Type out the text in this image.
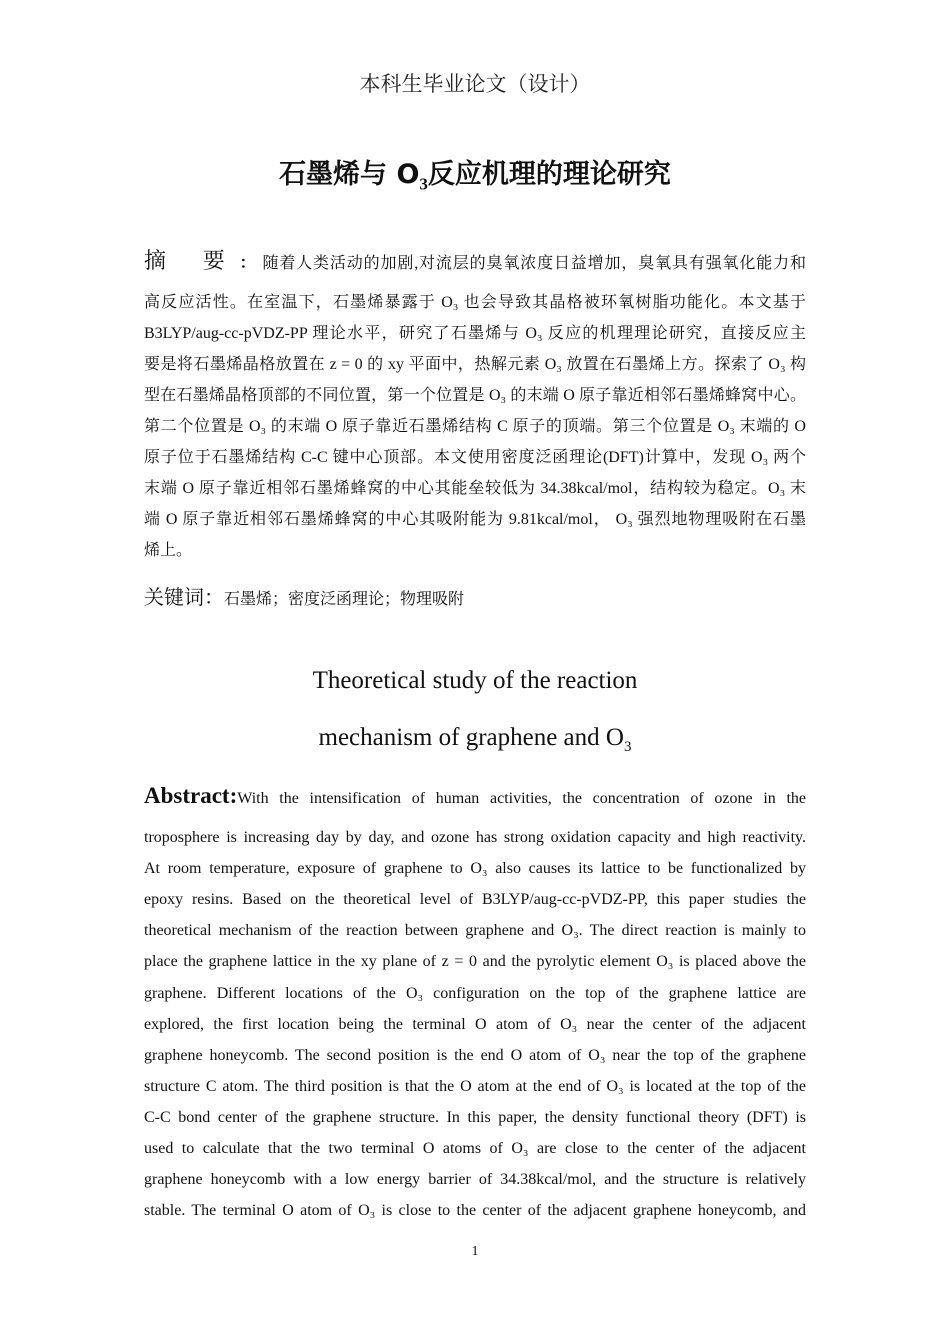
本科生毕业论文（设计）
石墨烯与 $O_3$反应机理的理论研究
摘 要： 随着人类活动的加剧,对流层的臭氧浓度日益增加，臭氧具有强氧化能力和
高反应活性。在室温下，石墨烯暴露于 O₃ 也会导致其晶格被环氧树脂功能化。本文基于
B3LYP/aug-cc-pVDZ-PP 理论水平，研究了石墨烯与 O₃ 反应的机理理论研究，直接反应主
要是将石墨烯晶格放置在 z = 0 的 xy 平面中，热解元素 O₃ 放置在石墨烯上方。探索了 O₃ 构
型在石墨烯晶格顶部的不同位置，第一个位置是 O₃ 的末端 O 原子靠近相邻石墨烯蜂窝中心。
第二个位置是 O₃ 的末端 O 原子靠近石墨烯结构 C 原子的顶端。第三个位置是 O₃ 末端的 O
原子位于石墨烯结构 C-C 键中心顶部。本文使用密度泛函理论(DFT)计算中，发现 O₃ 两个
末端 O 原子靠近相邻石墨烯蜂窝的中心其能垒较低为 34.38kcal/mol，结构较为稳定。O₃ 末
端 O 原子靠近相邻石墨烯蜂窝的中心其吸附能为 9.81kcal/mol， O₃ 强烈地物理吸附在石墨
烯上。
关键词：石墨烯；密度泛函理论；物理吸附
Theoretical study of the reaction
mechanism of graphene and $O_3$
Abstract:With the intensification of human activities, the concentration of ozone in the
troposphere is increasing day by day, and ozone has strong oxidation capacity and high reactivity.
At room temperature, exposure of graphene to O₃ also causes its lattice to be functionalized by
epoxy resins. Based on the theoretical level of B3LYP/aug-cc-pVDZ-PP, this paper studies the
theoretical mechanism of the reaction between graphene and O₃. The direct reaction is mainly to
place the graphene lattice in the xy plane of z = 0 and the pyrolytic element O₃ is placed above the
graphene. Different locations of the O₃ configuration on the top of the graphene lattice are
explored, the first location being the terminal O atom of O₃ near the center of the adjacent
graphene honeycomb. The second position is the end O atom of O₃ near the top of the graphene
structure C atom. The third position is that the O atom at the end of O₃ is located at the top of the
C-C bond center of the graphene structure. In this paper, the density functional theory (DFT) is
used to calculate that the two terminal O atoms of O₃ are close to the center of the adjacent
graphene honeycomb with a low energy barrier of 34.38kcal/mol, and the structure is relatively
stable. The terminal O atom of O₃ is close to the center of the adjacent graphene honeycomb, and
1
